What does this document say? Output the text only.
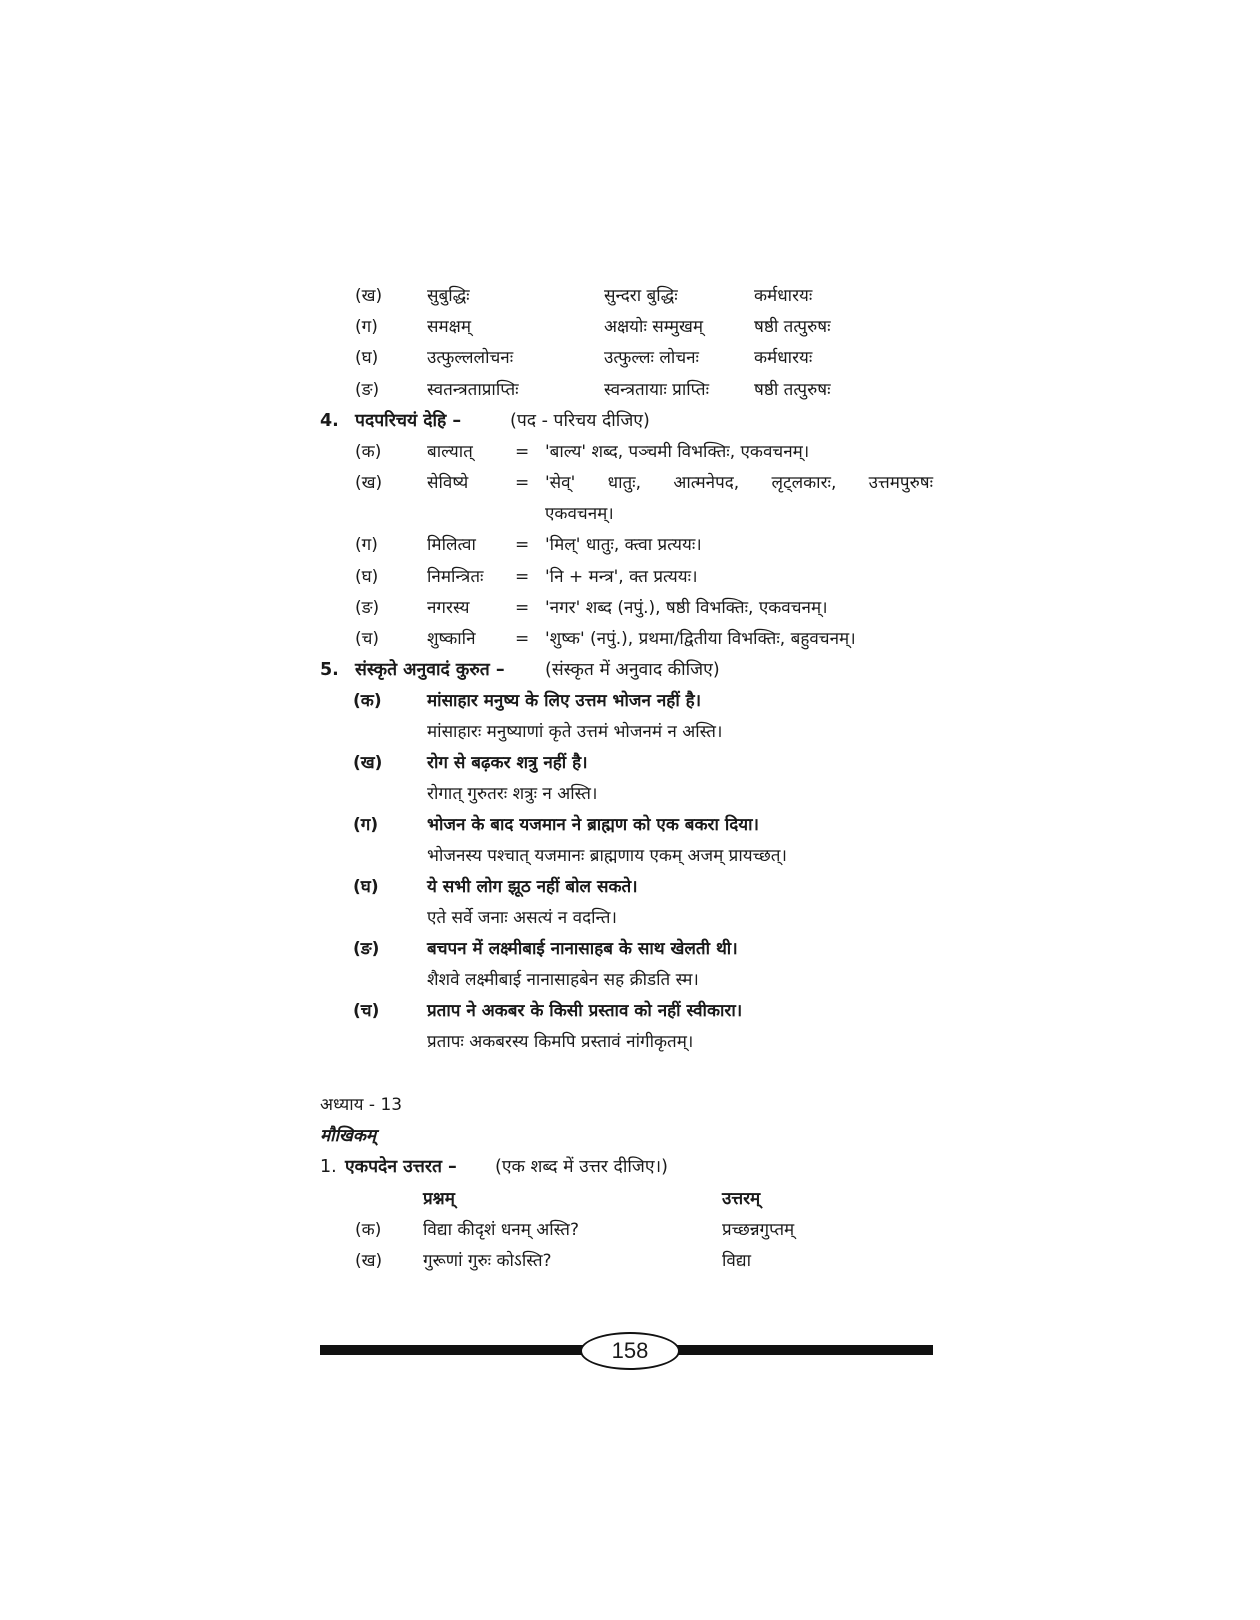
(ख)	सुबुद्धिः	सुन्दरा बुद्धिः	कर्मधारयः
(ग)	समक्षम्	अक्षयोः सम्मुखम्	षष्ठी तत्पुरुषः
(घ)	उत्फुल्ललोचनः	उत्फुल्लः लोचनः	कर्मधारयः
(ङ)	स्वतन्त्रताप्राप्तिः	स्वन्त्रतायाः प्राप्तिः	षष्ठी तत्पुरुषः
4. पदपरिचयं देहि –	(पद - परिचय दीजिए)
(क)	बाल्यात् = 'बाल्य' शब्द, पञ्चमी विभक्तिः, एकवचनम्।
(ख)	सेविष्ये	= 'सेव्' धातुः, आत्मनेपद, लृट्लकारः, उत्तमपुरुषः
एकवचनम्।
(ग)	मिलित्वा = 'मिल्' धातुः, क्त्वा प्रत्ययः।
(घ)	निमन्त्रितः = 'नि + मन्त्र', क्त प्रत्ययः।
(ङ)	नगरस्य	= 'नगर' शब्द (नपुं.), षष्ठी विभक्तिः, एकवचनम्।
(च)	शुष्कानि = 'शुष्क' (नपुं.), प्रथमा/द्वितीया विभक्तिः, बहुवचनम्।
5. संस्कृते अनुवादं कुरुत – (संस्कृत में अनुवाद कीजिए)
(क)	मांसाहार मनुष्य के लिए उत्तम भोजन नहीं है।
मांसाहारः मनुष्याणां कृते उत्तमं भोजनमं न अस्ति।
(ख)	रोग से बढ़कर शत्रु नहीं है।
रोगात् गुरुतरः शत्रुः न अस्ति।
(ग)	भोजन के बाद यजमान ने ब्राह्मण को एक बकरा दिया।
भोजनस्य पश्चात् यजमानः ब्राह्मणाय एकम् अजम् प्रायच्छत्।
(घ)	ये सभी लोग झूठ नहीं बोल सकते।
एते सर्वे जनाः असत्यं न वदन्ति।
(ङ)	बचपन में लक्ष्मीबाई नानासाहब के साथ खेलती थी।
शैशवे लक्ष्मीबाई नानासाहबेन सह क्रीडति स्म।
(च)	प्रताप ने अकबर के किसी प्रस्ताव को नहीं स्वीकारा।
प्रतापः अकबरस्य किमपि प्रस्तावं नांगीकृतम्।
अध्याय - 13
मौखिकम्
1. एकपदेन उत्तरत – (एक शब्द में उत्तर दीजिए।)
प्रश्नम्	उत्तरम्
(क) विद्या कीदृशं धनम् अस्ति?	प्रच्छन्नगुप्तम्
(ख) गुरूणां गुरुः कोऽस्ति?	विद्या
158
